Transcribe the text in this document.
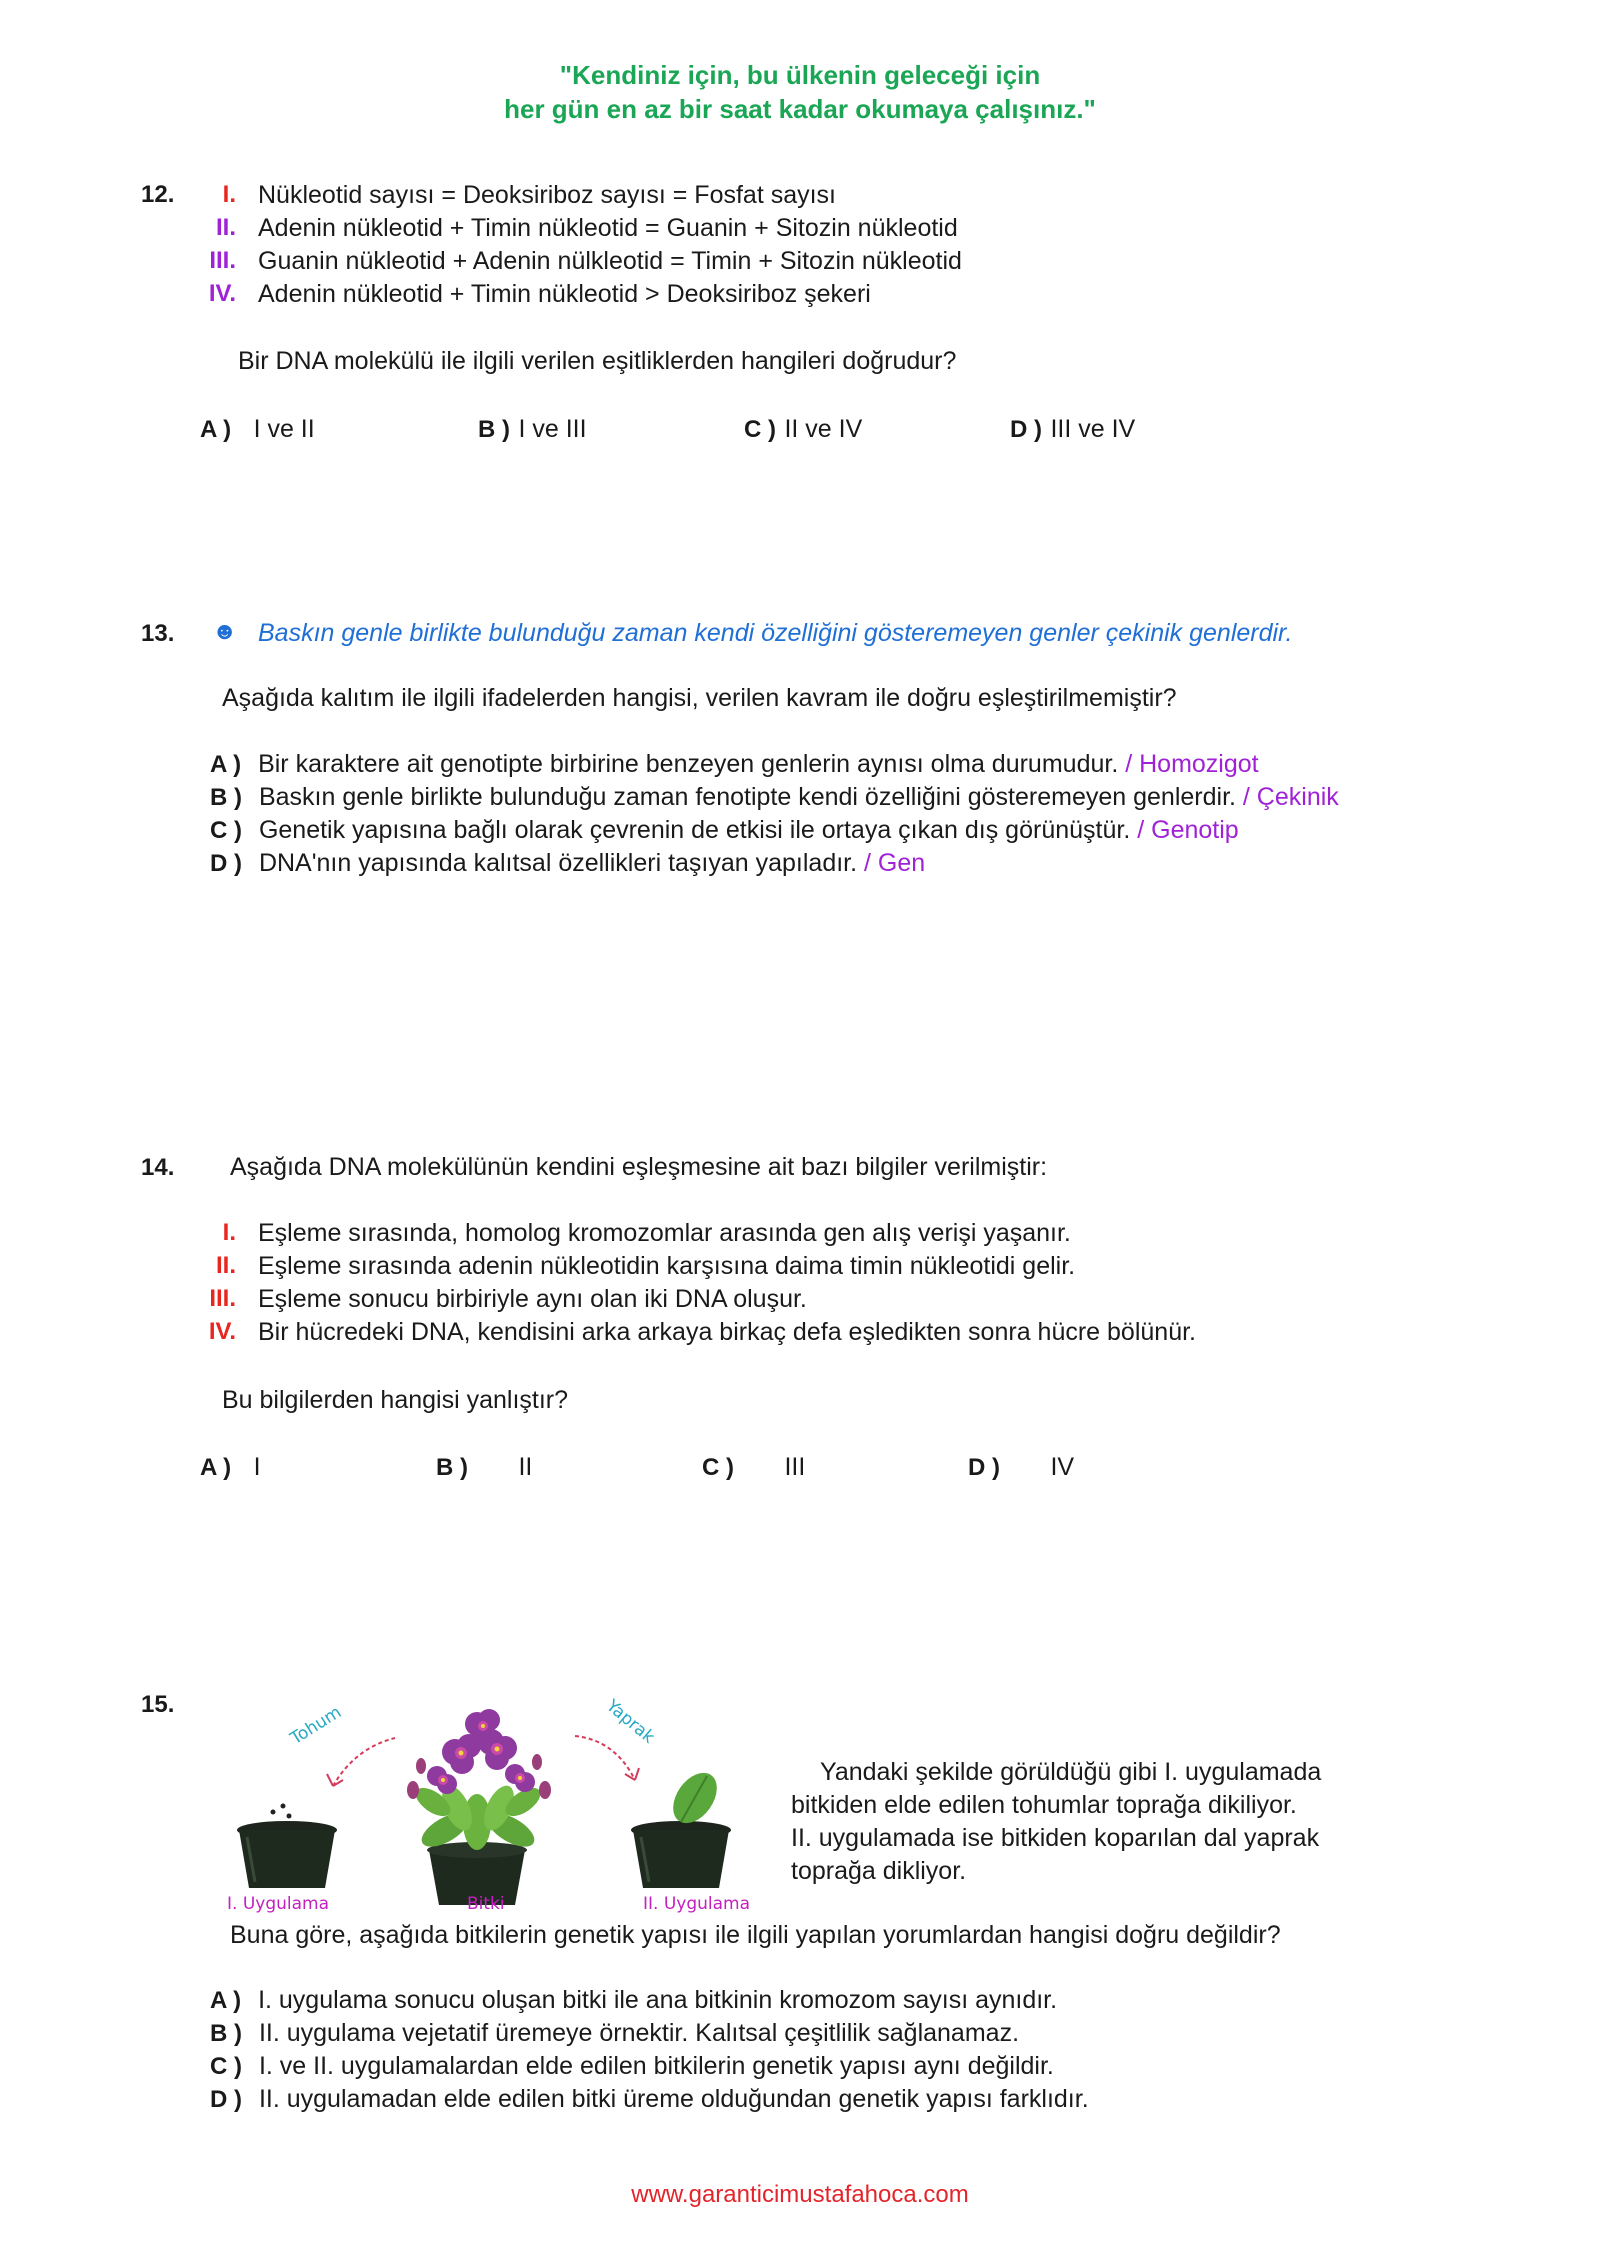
"Kendiniz için, bu ülkenin geleceği için
her gün en az bir saat kadar okumaya çalışınız."
12.	I. Nükleotid sayısı = Deoksiriboz sayısı = Fosfat sayısı
II. Adenin nükleotid + Timin nükleotid = Guanin + Sitozin nükleotid
III. Guanin nükleotid + Adenin nülkleotid = Timin + Sitozin nükleotid
IV. Adenin nükleotid + Timin nükleotid > Deoksiriboz şekeri
Bir DNA molekülü ile ilgili verilen eşitliklerden hangileri doğrudur?
A ) I ve II	B ) I ve III	C ) II ve IV	D ) III ve IV
13. ☻ Baskın genle birlikte bulunduğu zaman kendi özelliğini gösteremeyen genler çekinik genlerdir.
Aşağıda kalıtım ile ilgili ifadelerden hangisi, verilen kavram ile doğru eşleştirilmemiştir?
A ) Bir karaktere ait genotipte birbirine benzeyen genlerin aynısı olma durumudur. / Homozigot
B ) Baskın genle birlikte bulunduğu zaman fenotipte kendi özelliğini gösteremeyen genlerdir. / Çekinik
C ) Genetik yapısına bağlı olarak çevrenin de etkisi ile ortaya çıkan dış görünüştür. / Genotip
D ) DNA'nın yapısında kalıtsal özellikleri taşıyan yapıladır. / Gen
14. Aşağıda DNA molekülünün kendini eşleşmesine ait bazı bilgiler verilmiştir:
I. Eşleme sırasında, homolog kromozomlar arasında gen alış verişi yaşanır.
II. Eşleme sırasında adenin nükleotidin karşısına daima timin nükleotidi gelir.
III. Eşleme sonucu birbiriyle aynı olan iki DNA oluşur.
IV. Bir hücredeki DNA, kendisini arka arkaya birkaç defa eşledikten sonra hücre bölünür.
Bu bilgilerden hangisi yanlıştır?
A ) I	B ) II	C ) III	D ) IV
15.	Tohum	Yaprak
I. Uygulama	Bitki	II. Uygulama
Yandaki şekilde görüldüğü gibi I. uygulamada
bitkiden elde edilen tohumlar toprağa dikiliyor.
II. uygulamada ise bitkiden koparılan dal yaprak
toprağa dikliyor.
Buna göre, aşağıda bitkilerin genetik yapısı ile ilgili yapılan yorumlardan hangisi doğru değildir?
A ) I. uygulama sonucu oluşan bitki ile ana bitkinin kromozom sayısı aynıdır.
B ) II. uygulama vejetatif üremeye örnektir. Kalıtsal çeşitlilik sağlanamaz.
C ) I. ve II. uygulamalardan elde edilen bitkilerin genetik yapısı aynı değildir.
D ) II. uygulamadan elde edilen bitki üreme olduğundan genetik yapısı farklıdır.
www.garanticimustafahoca.com
